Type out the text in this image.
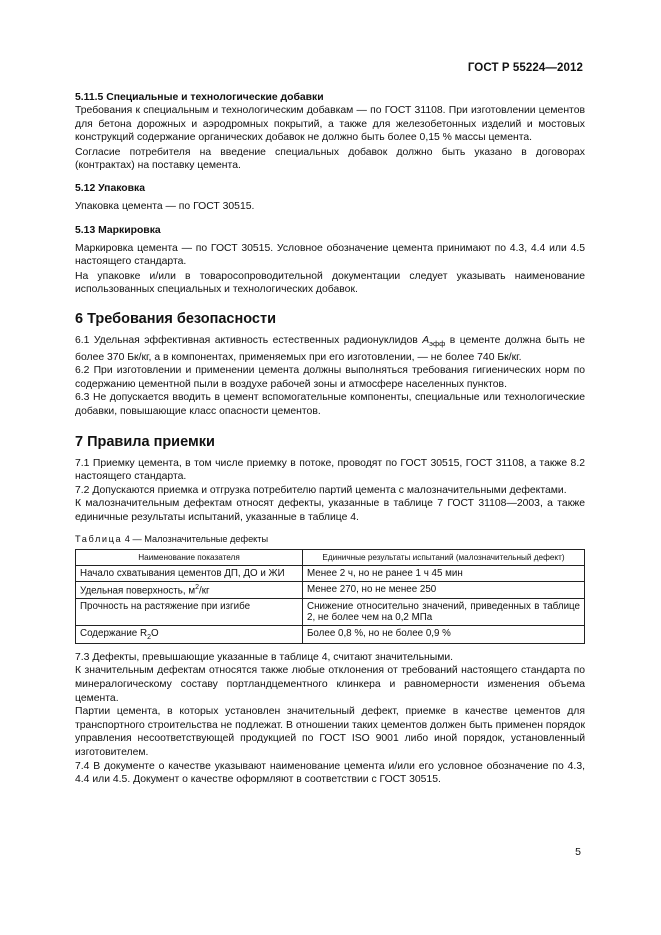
ГОСТ Р 55224—2012

5.11.5 Специальные и технологические добавки

Требования к специальным и технологическим добавкам — по ГОСТ 31108. При изготовлении цементов для бетона дорожных и аэродромных покрытий, а также для железобетонных изделий и мостовых конструкций содержание органических добавок не должно быть более 0,15 % массы цемента.

Согласие потребителя на введение специальных добавок должно быть указано в договорах (контрактах) на поставку цемента.

5.12 Упаковка

Упаковка цемента — по ГОСТ 30515.

5.13 Маркировка

Маркировка цемента — по ГОСТ 30515. Условное обозначение цемента принимают по 4.3, 4.4 или 4.5 настоящего стандарта.

На упаковке и/или в товаросопроводительной документации следует указывать наименование использованных специальных и технологических добавок.

6 Требования безопасности

6.1 Удельная эффективная активность естественных радионуклидов $A_{эфф}$ в цементе должна быть не более 370 Бк/кг, а в компонентах, применяемых при его изготовлении, — не более 740 Бк/кг.

6.2 При изготовлении и применении цемента должны выполняться требования гигиенических норм по содержанию цементной пыли в воздухе рабочей зоны и атмосфере населенных пунктов.

6.3 Не допускается вводить в цемент вспомогательные компоненты, специальные или технологические добавки, повышающие класс опасности цементов.

7 Правила приемки

7.1 Приемку цемента, в том числе приемку в потоке, проводят по ГОСТ 30515, ГОСТ 31108, а также 8.2 настоящего стандарта.

7.2 Допускаются приемка и отгрузка потребителю партий цемента с малозначительными дефектами.

К малозначительным дефектам относят дефекты, указанные в таблице 7 ГОСТ 31108—2003, а также единичные результаты испытаний, указанные в таблице 4.

Таблица 4 — Малозначительные дефекты

Наименование показателя	Единичные результаты испытаний (малозначительный дефект)
Начало схватывания цементов ДП, ДО и ЖИ	Менее 2 ч, но не ранее 1 ч 45 мин
Удельная поверхность, $м^2/кг$	Менее 270, но не менее 250
Прочность на растяжение при изгибе	Снижение относительно значений, приведенных в таблице 2, не более чем на 0,2 МПа
Содержание $R_2O$	Более 0,8 %, но не более 0,9 %

7.3 Дефекты, превышающие указанные в таблице 4, считают значительными.

К значительным дефектам относятся также любые отклонения от требований настоящего стандарта по минералогическому составу портландцементного клинкера и равномерности изменения объема цемента.

Партии цемента, в которых установлен значительный дефект, приемке в качестве цементов для транспортного строительства не подлежат. В отношении таких цементов должен быть применен порядок управления несоответствующей продукцией по ГОСТ ISO 9001 либо иной порядок, установленный изготовителем.

7.4 В документе о качестве указывают наименование цемента и/или его условное обозначение по 4.3, 4.4 или 4.5. Документ о качестве оформляют в соответствии с ГОСТ 30515.

5
